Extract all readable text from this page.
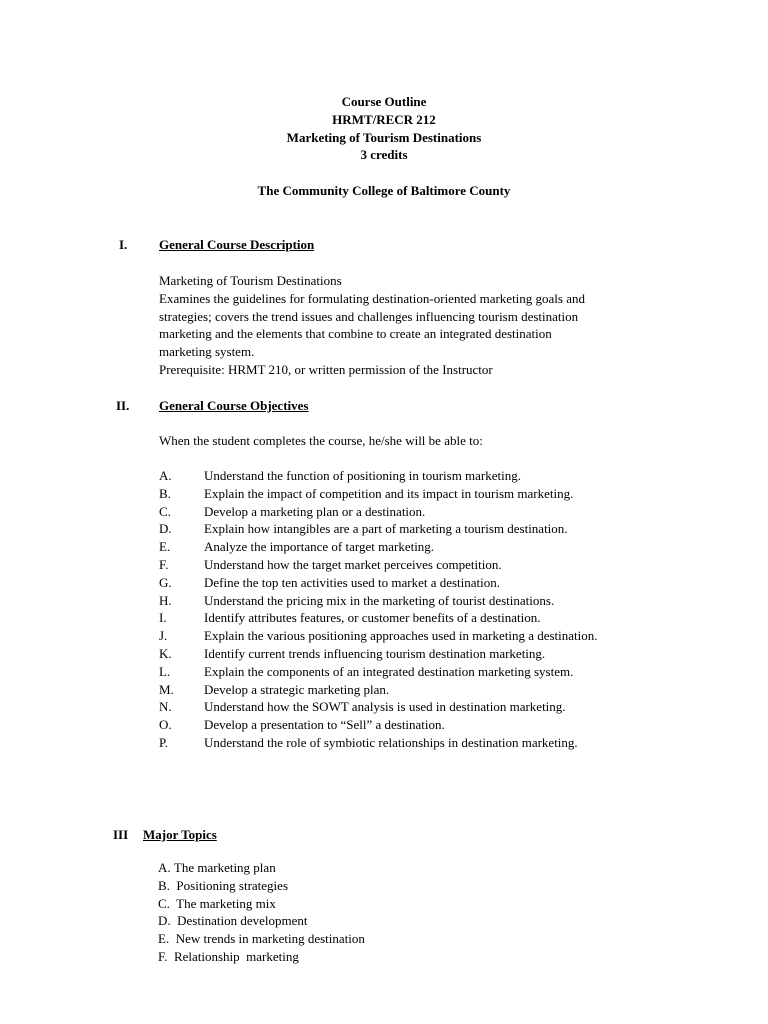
Course Outline
HRMT/RECR 212
Marketing of Tourism Destinations
3 credits
The Community College of Baltimore County
I. General Course Description
Marketing of Tourism Destinations
Examines the guidelines for formulating destination-oriented marketing goals and
strategies; covers the trend issues and challenges influencing tourism destination
marketing and the elements that combine to create an integrated destination
marketing system.
Prerequisite: HRMT 210, or written permission of the Instructor
II. General Course Objectives
When the student completes the course, he/she will be able to:
A.	Understand the function of positioning in tourism marketing.
B.	Explain the impact of competition and its impact in tourism marketing.
C.	Develop a marketing plan or a destination.
D.	Explain how intangibles are a part of marketing a tourism destination.
E.	Analyze the importance of target marketing.
F.	Understand how the target market perceives competition.
G.	Define the top ten activities used to market a destination.
H.	Understand the pricing mix in the marketing of tourist destinations.
I.	Identify attributes features, or customer benefits of a destination.
J.	Explain the various positioning approaches used in marketing a destination.
K.	Identify current trends influencing tourism destination marketing.
L.	Explain the components of an integrated destination marketing system.
M.	Develop a strategic marketing plan.
N.	Understand how the SOWT analysis is used in destination marketing.
O.	Develop a presentation to “Sell” a destination.
P.	Understand the role of symbiotic relationships in destination marketing.
III Major Topics
A.
The marketing plan
B.
Positioning strategies
C.
The marketing mix
D.
Destination development
E.
New trends in marketing destination
F.
Relationship  marketing
